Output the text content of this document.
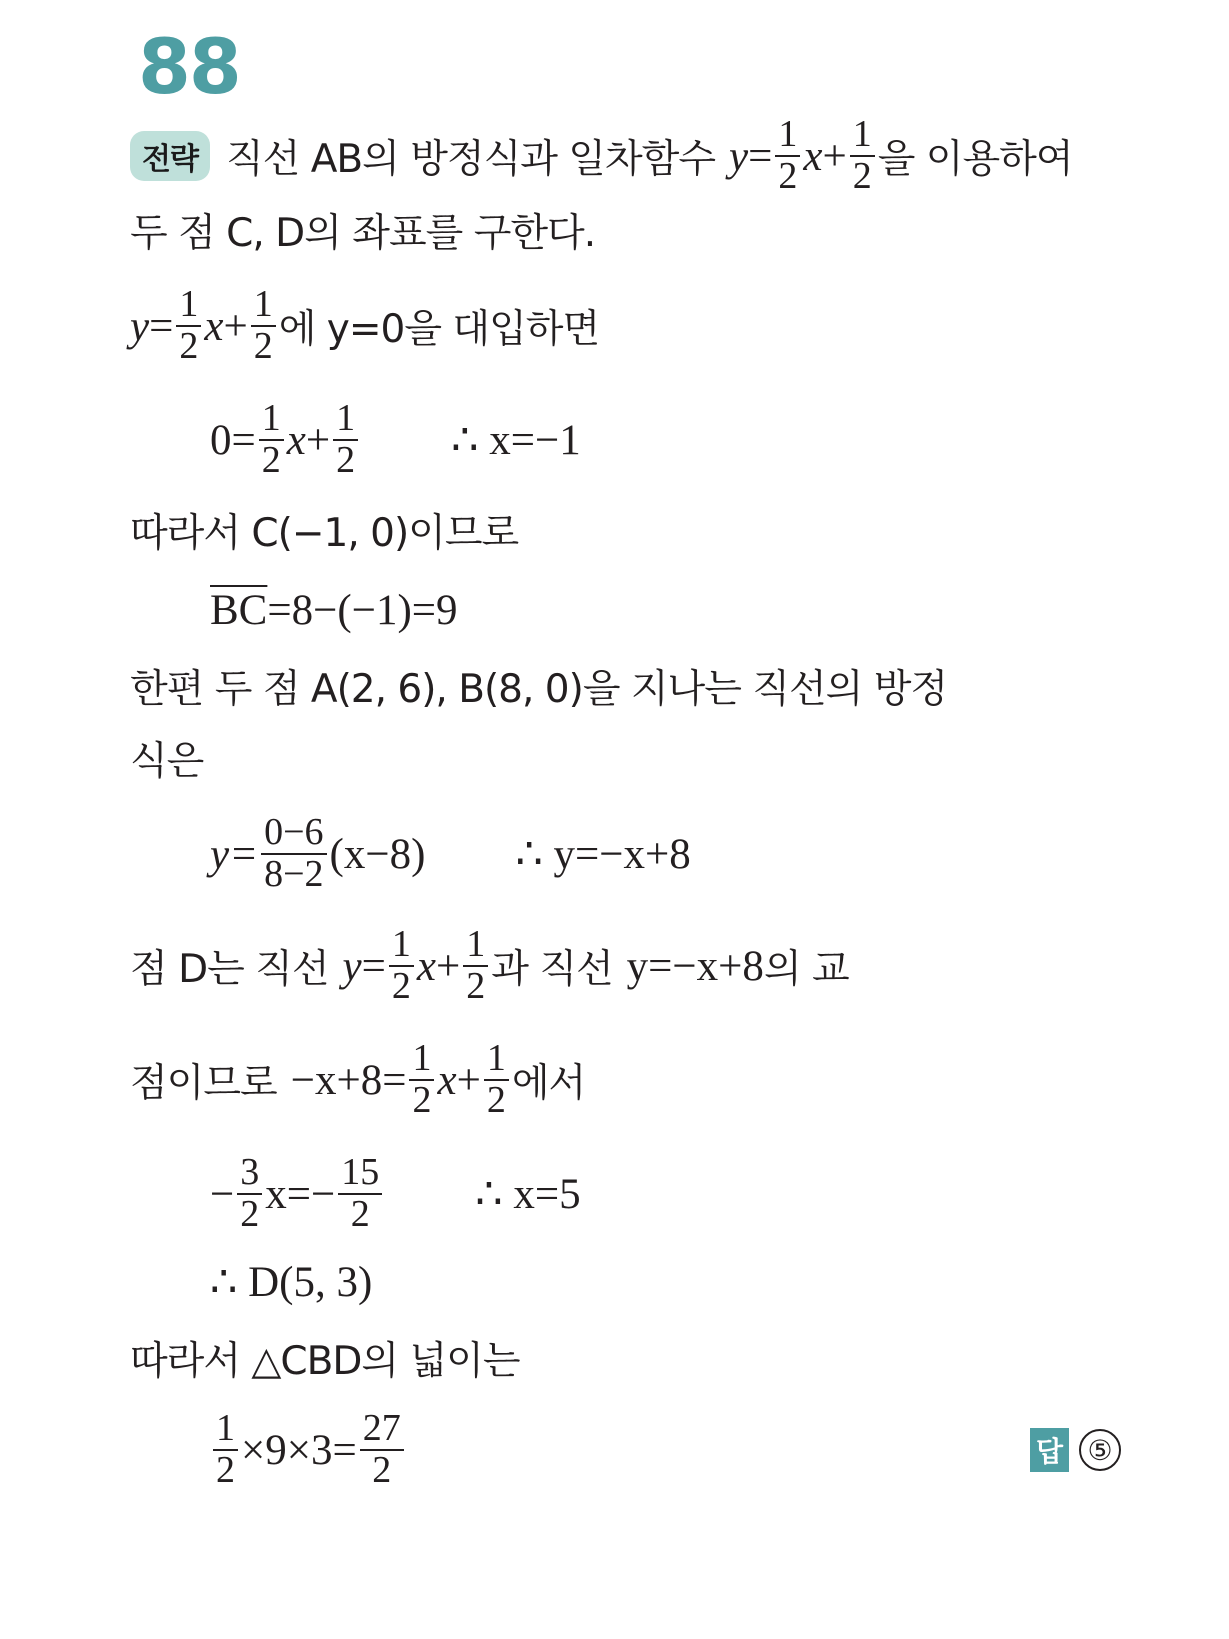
88
전략 직선 AB의 방정식과 일차함수 $y = \frac{1}{2}$ $x + \frac{1}{2}$ 을 이용하여
두 점 C, D의 좌표를 구한다.
$y = \frac{1}{2}$ $x + \frac{1}{2}$ 에 y=0을 대입하면
$0= \frac{1}{2}$ $x + \frac{1}{2}$ ∴ x=−1
따라서 C(−1, 0)이므로
$\overline{BC} =8-(-1)=9$
한편 두 점 A(2, 6), B(8, 0)을 지나는 직선의 방정
식은
$y= \frac{0-6}{8-2} (x-8)$ ∴ y=−x+8
점 D는 직선 $y = \frac{1}{2}$ $x + \frac{1}{2}$ 과 직선 y=−x+8 의 교
점이므로 $-x+8= \frac{1}{2}$ $x + \frac{1}{2}$ 에서
− $\frac{3}{2} x=- \frac{15}{2}$ ∴ x=5
∴ D(5, 3)
따라서 △CBD의 넓이는
$\frac{1}{2} \times 9\times 3= \frac{27}{2}$	답 ⑤
